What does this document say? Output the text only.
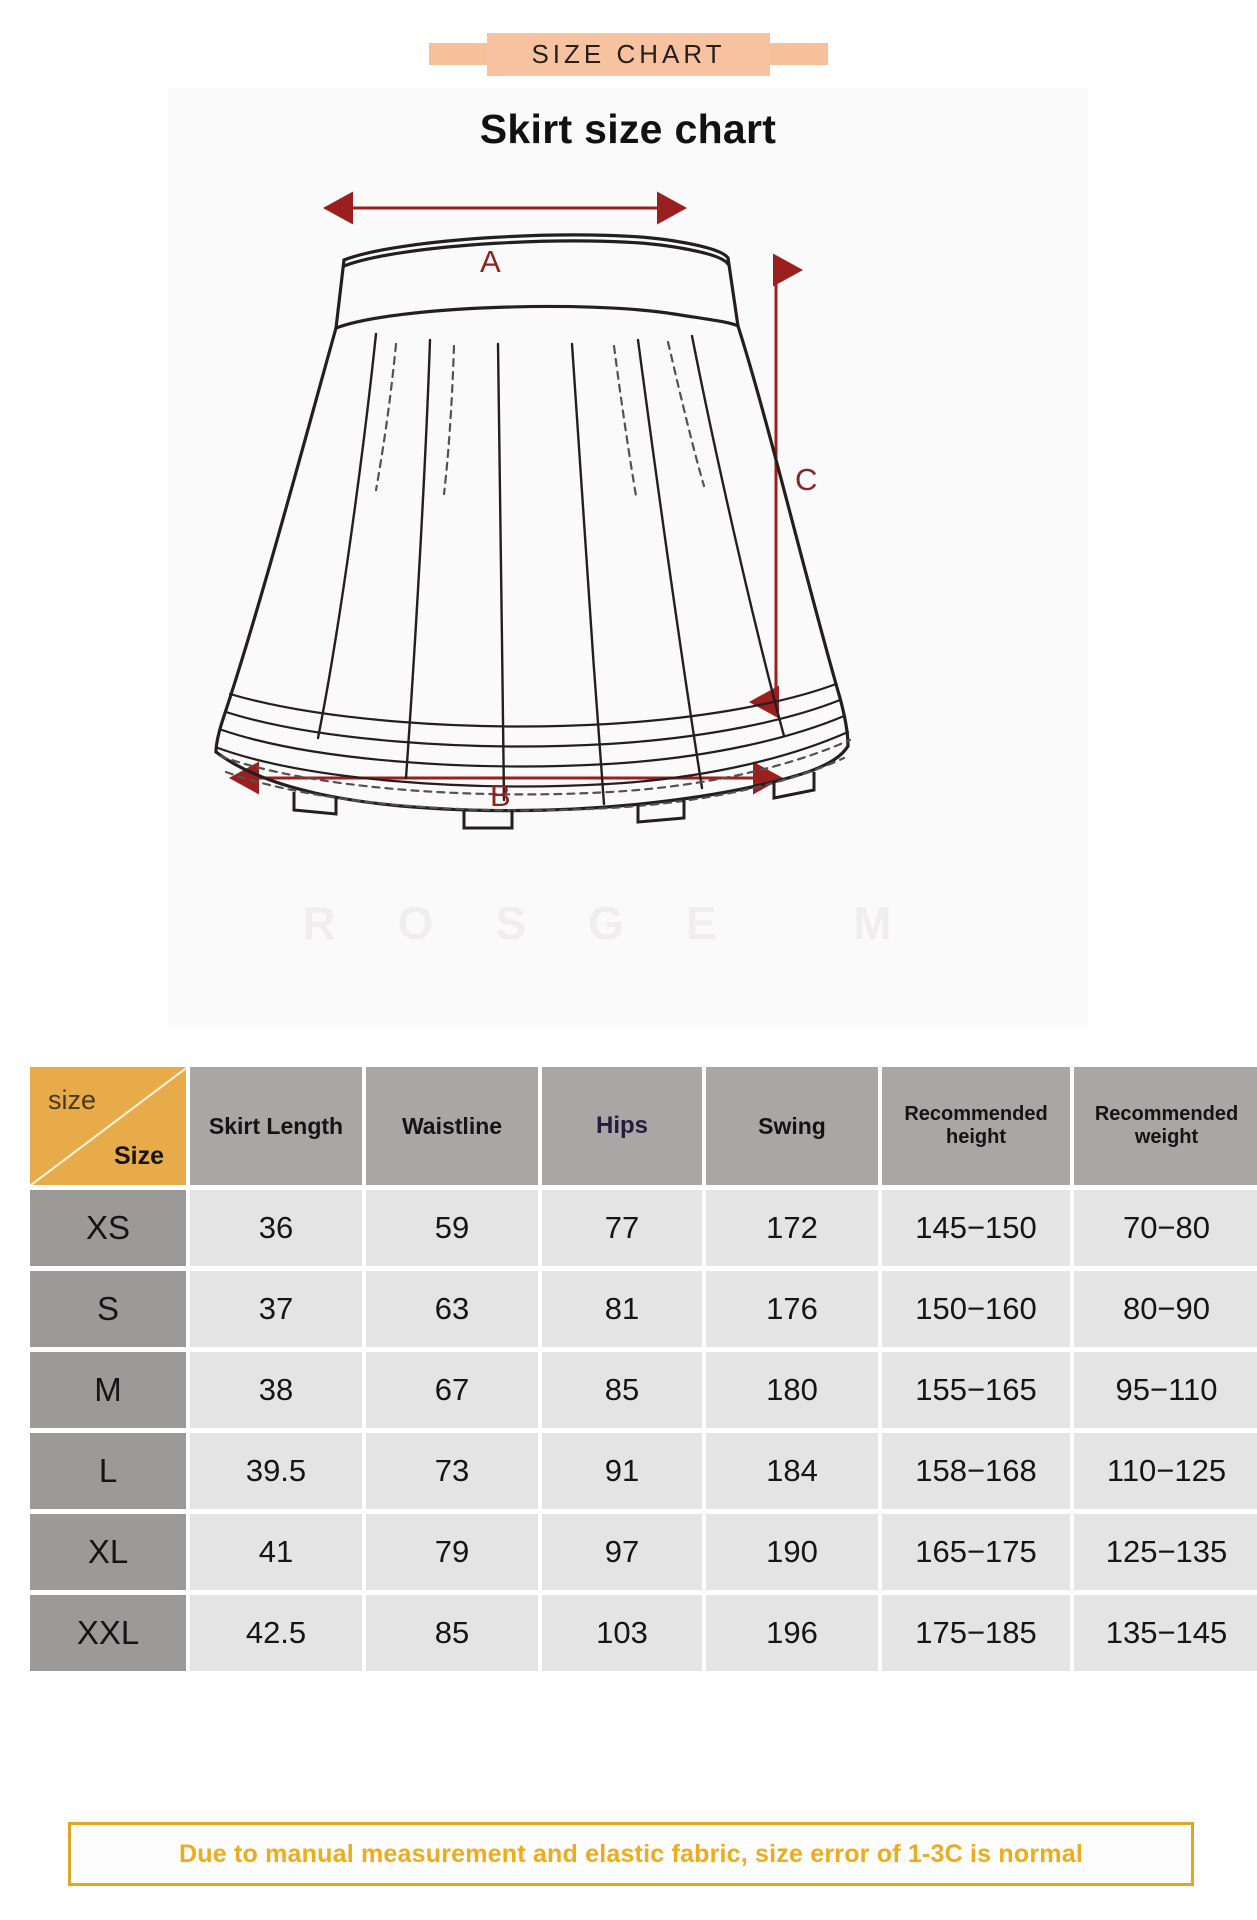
SIZE CHART
Skirt size chart
ROSGE M
A
C
B
size
Size	Skirt Length	Waistline	Hips	Swing	Recommended height	Recommended weight
XS	36	59	77	172	145−150	70−80
S	37	63	81	176	150−160	80−90
M	38	67	85	180	155−165	95−110
L	39.5	73	91	184	158−168	110−125
XL	41	79	97	190	165−175	125−135
XXL	42.5	85	103	196	175−185	135−145
Due to manual measurement and elastic fabric, size error of 1-3C is normal
